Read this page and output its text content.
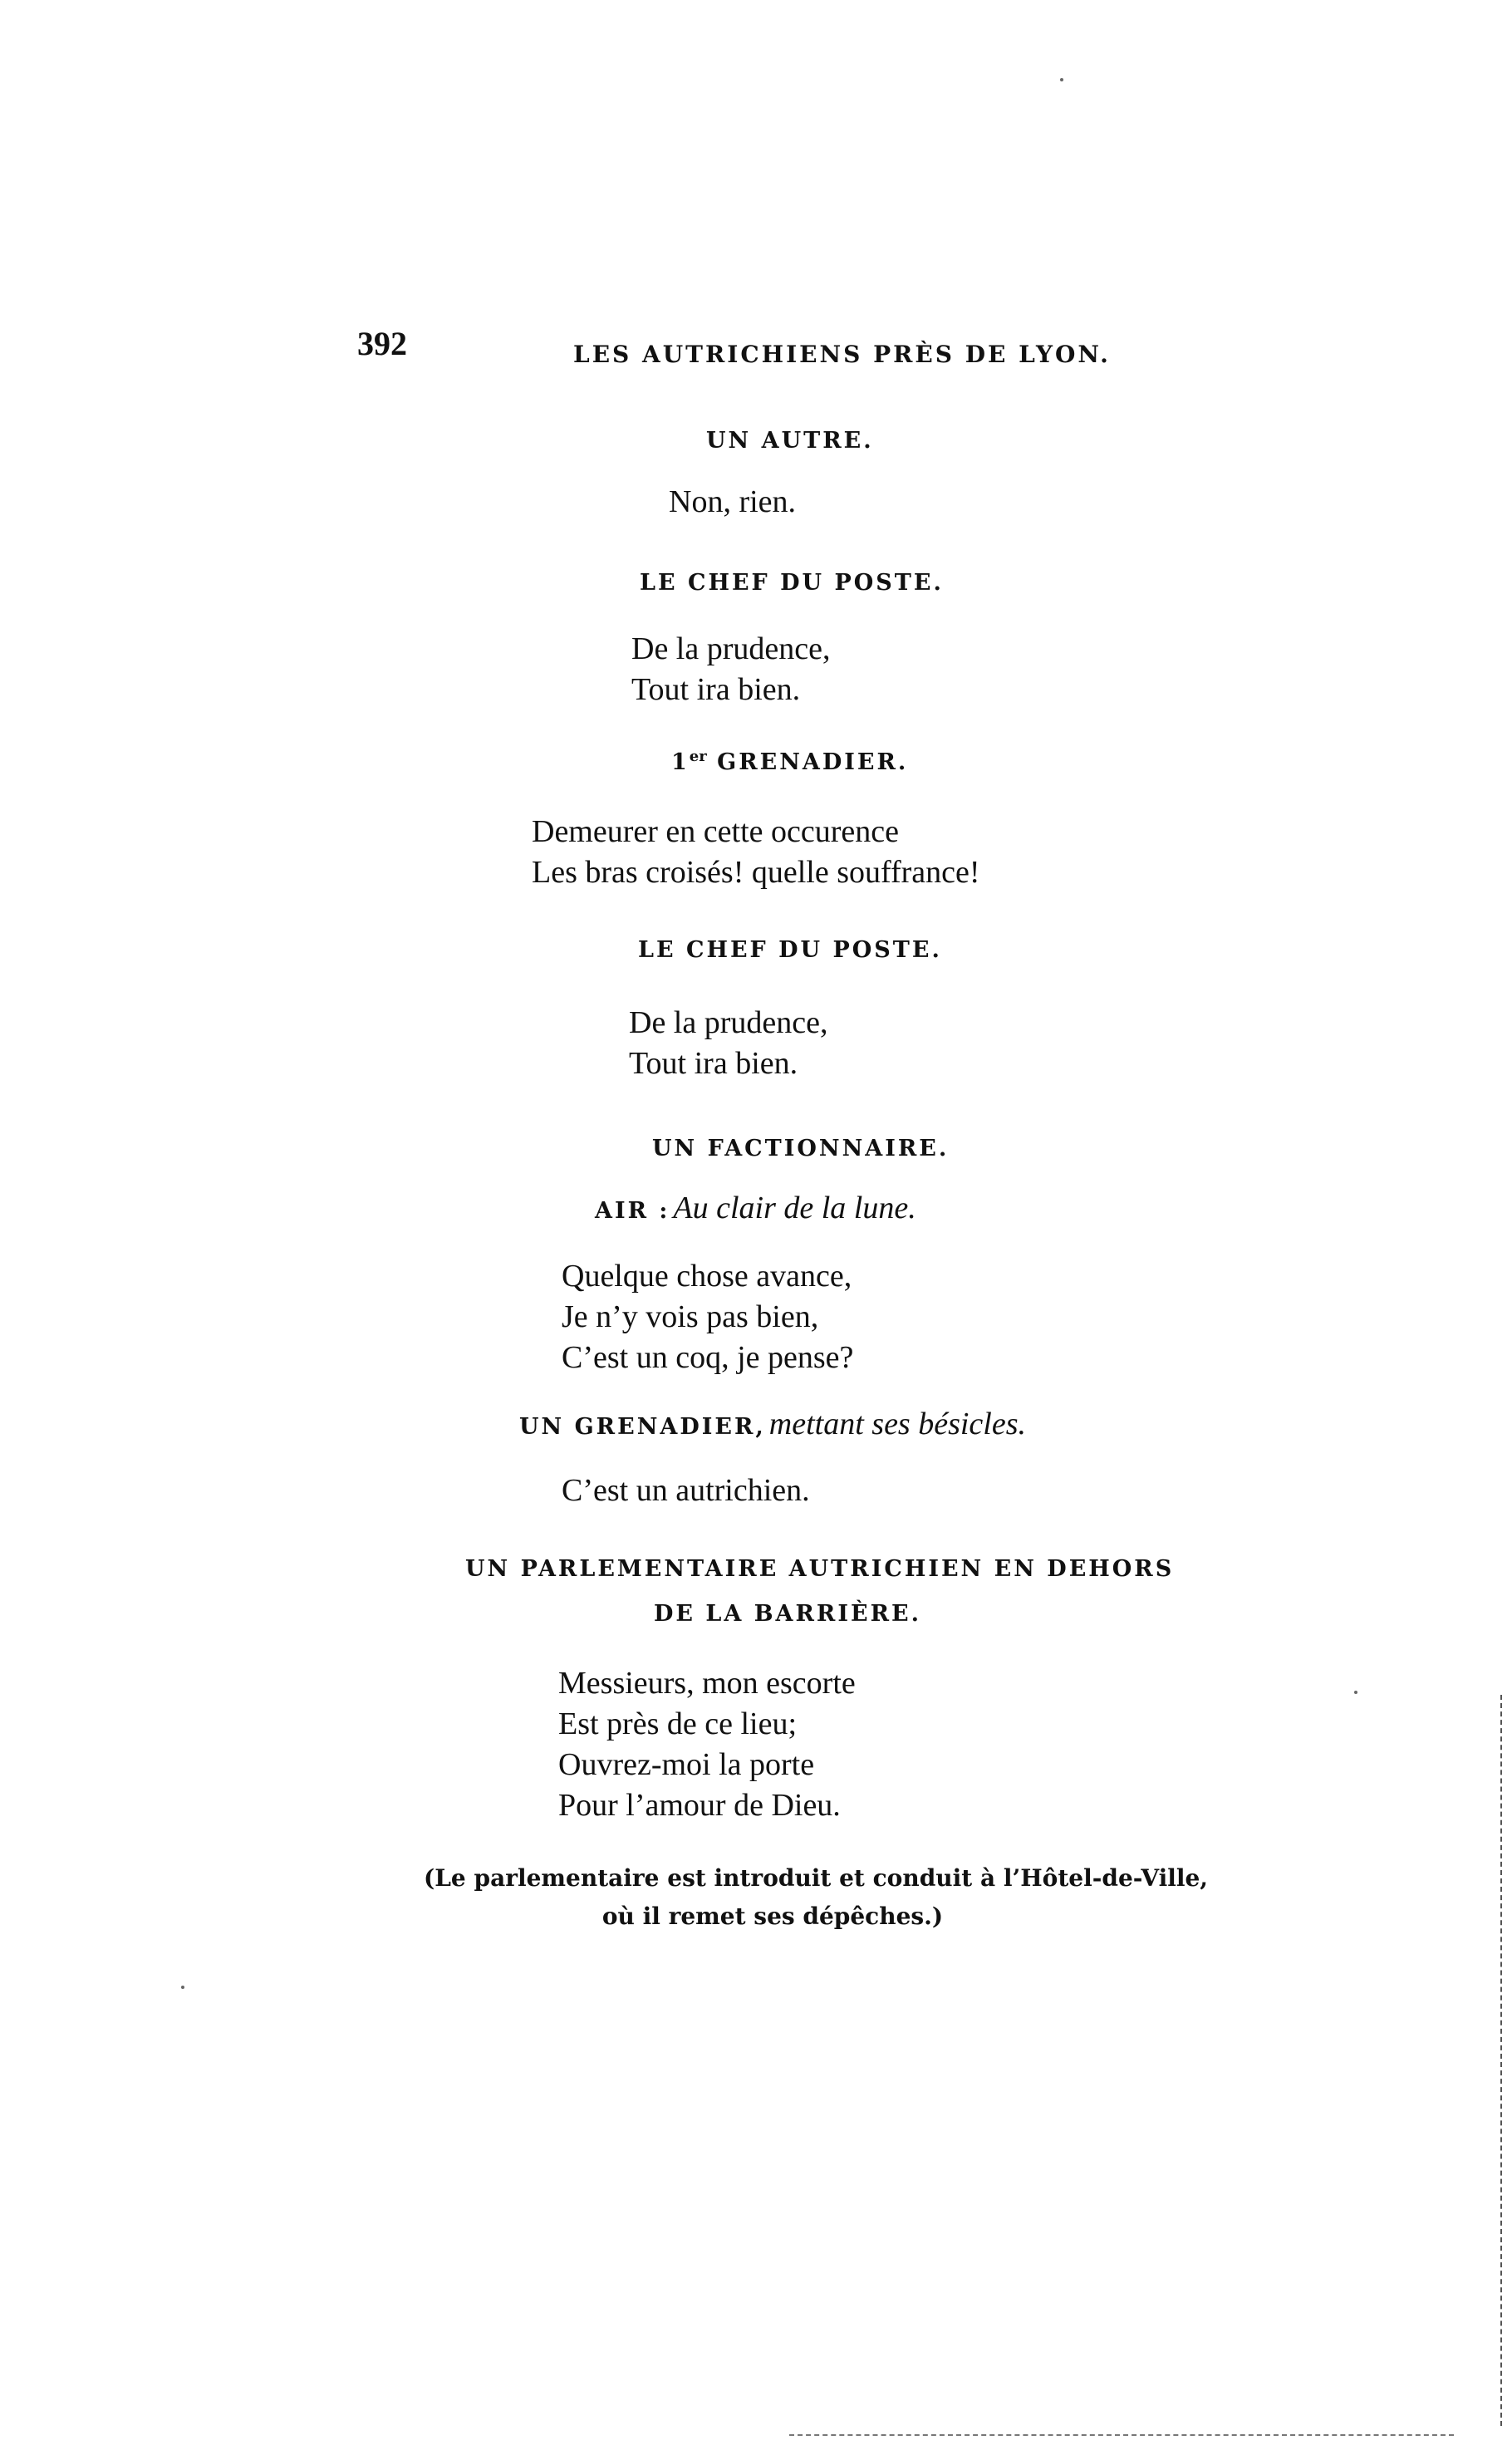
392	LES AUTRICHIENS PRÈS DE LYON.
UN AUTRE.
Non, rien.
LE CHEF DU POSTE.
De la prudence,
Tout ira bien.
1er GRENADIER.
Demeurer en cette occurence
Les bras croisés! quelle souffrance!
LE CHEF DU POSTE.
De la prudence,
Tout ira bien.
UN FACTIONNAIRE.
AIR : Au clair de la lune.
Quelque chose avance,
Je n’y vois pas bien,
C’est un coq, je pense?
UN GRENADIER, mettant ses bésicles.
C’est un autrichien.
UN PARLEMENTAIRE AUTRICHIEN EN DEHORS
DE LA BARRIÈRE.
Messieurs, mon escorte
Est près de ce lieu;
Ouvrez-moi la porte
Pour l’amour de Dieu.
(Le parlementaire est introduit et conduit à l’Hôtel-de-Ville,
où il remet ses dépêches.)
